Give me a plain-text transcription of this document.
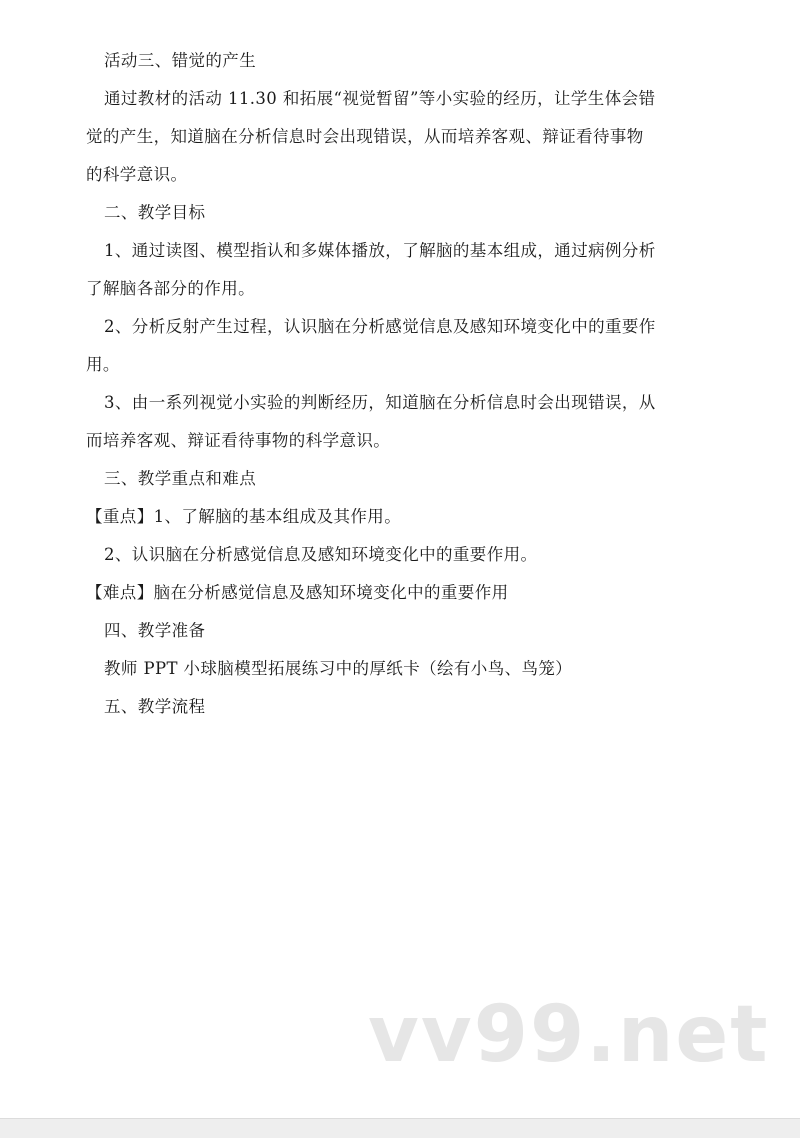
活动三、错觉的产生

通过教材的活动 11.30 和拓展“视觉暂留”等小实验的经历，让学生体会错

觉的产生，知道脑在分析信息时会出现错误，从而培养客观、辩证看待事物

的科学意识。

二、教学目标

1、通过读图、模型指认和多媒体播放，了解脑的基本组成，通过病例分析

了解脑各部分的作用。

2、分析反射产生过程，认识脑在分析感觉信息及感知环境变化中的重要作

用。

3、由一系列视觉小实验的判断经历，知道脑在分析信息时会出现错误，从

而培养客观、辩证看待事物的科学意识。

三、教学重点和难点

【重点】1、了解脑的基本组成及其作用。

2、认识脑在分析感觉信息及感知环境变化中的重要作用。

【难点】脑在分析感觉信息及感知环境变化中的重要作用

四、教学准备

教师 PPT 小球脑模型拓展练习中的厚纸卡（绘有小鸟、鸟笼）

五、教学流程

vv99.net
